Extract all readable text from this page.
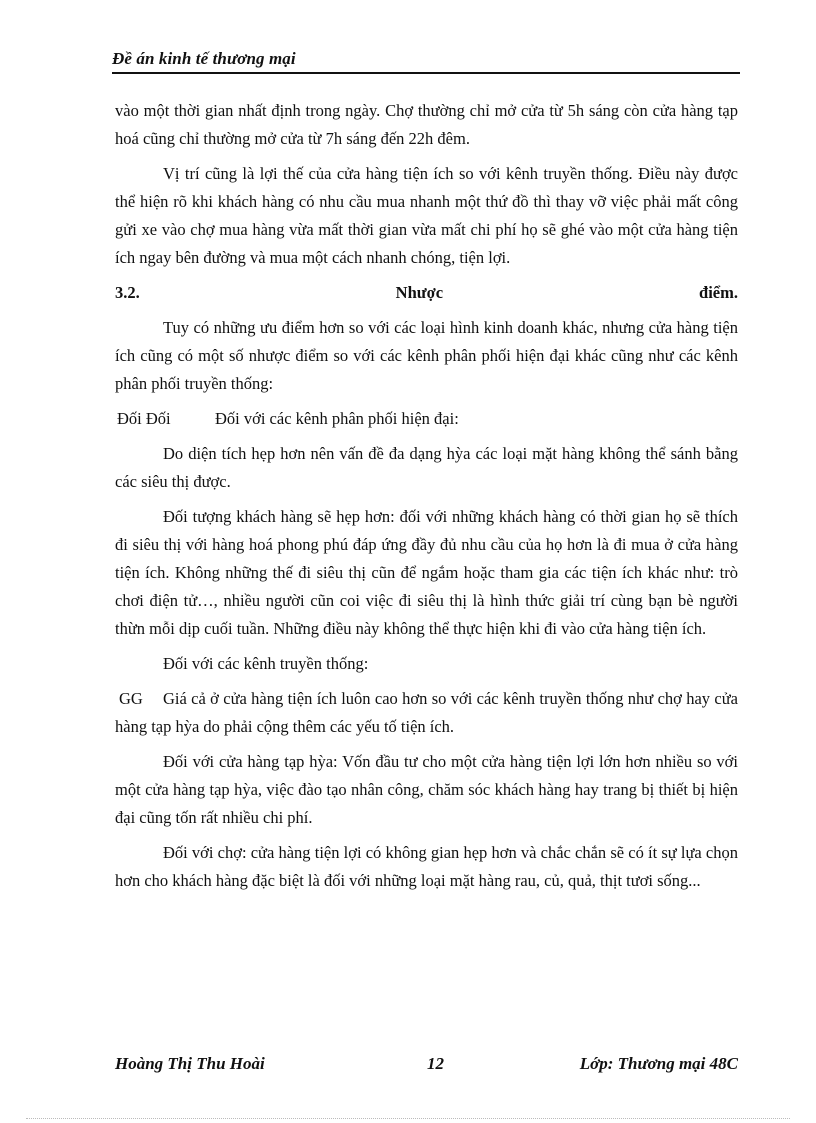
Đề án kinh tế thương mại
vào một thời gian nhất định trong ngày. Chợ thường chỉ mở cửa từ 5h sáng còn cửa hàng tạp hoá cũng chỉ thường mở cửa từ 7h sáng đến 22h đêm.
Vị trí cũng là lợi thế của cửa hàng tiện ích so với kênh truyền thống. Điều này được thể hiện rõ khi khách hàng có nhu cầu mua nhanh một thứ đồ thì thay vỡ việc phải mất công gửi xe vào chợ mua hàng vừa mất thời gian vừa mất chi phí họ sẽ ghé vào một cửa hàng tiện ích ngay bên đường và mua một cách nhanh chóng, tiện lợi.
3.2.	Nhược	điểm.
Tuy có những ưu điểm hơn so với các loại hình kinh doanh khác, nhưng cửa hàng tiện ích cũng có một số nhược điểm so với các kênh phân phối hiện đại khác cũng như các kênh phân phối truyền thống:
Đối Đối	Đối với các kênh phân phối hiện đại:
Do diện tích hẹp hơn nên vấn đề đa dạng hỳa các loại mặt hàng không thể sánh bằng các siêu thị được.
Đối tượng khách hàng sẽ hẹp hơn: đối với những khách hàng có thời gian họ sẽ thích đi siêu thị với hàng hoá phong phú đáp ứng đầy đủ nhu cầu của họ hơn là đi mua ở cửa hàng tiện ích. Không những thế đi siêu thị cũn để ngắm hoặc tham gia các tiện ích khác như: trò chơi điện tử…, nhiều người cũn coi việc đi siêu thị là hình thức giải trí cùng bạn bè người thừn mỗi dịp cuối tuần. Những điều này không thể thực hiện khi đi vào cửa hàng tiện ích.
Đối với các kênh truyền thống:
GG Giá cả ở cửa hàng tiện ích luôn cao hơn so với các kênh truyền thống như chợ hay cửa hàng tạp hỳa do phải cộng thêm các yếu tố tiện ích.
Đối với cửa hàng tạp hỳa: Vốn đầu tư cho một cửa hàng tiện lợi lớn hơn nhiều so với một cửa hàng tạp hỳa, việc đào tạo nhân công, chăm sóc khách hàng hay trang bị thiết bị hiện đại cũng tốn rất nhiều chi phí.
Đối với chợ: cửa hàng tiện lợi có không gian hẹp hơn và chắc chắn sẽ có ít sự lựa chọn hơn cho khách hàng đặc biệt là đối với những loại mặt hàng rau, củ, quả, thịt tươi sống...
Hoàng Thị Thu Hoài	12	Lớp: Thương mại 48C
